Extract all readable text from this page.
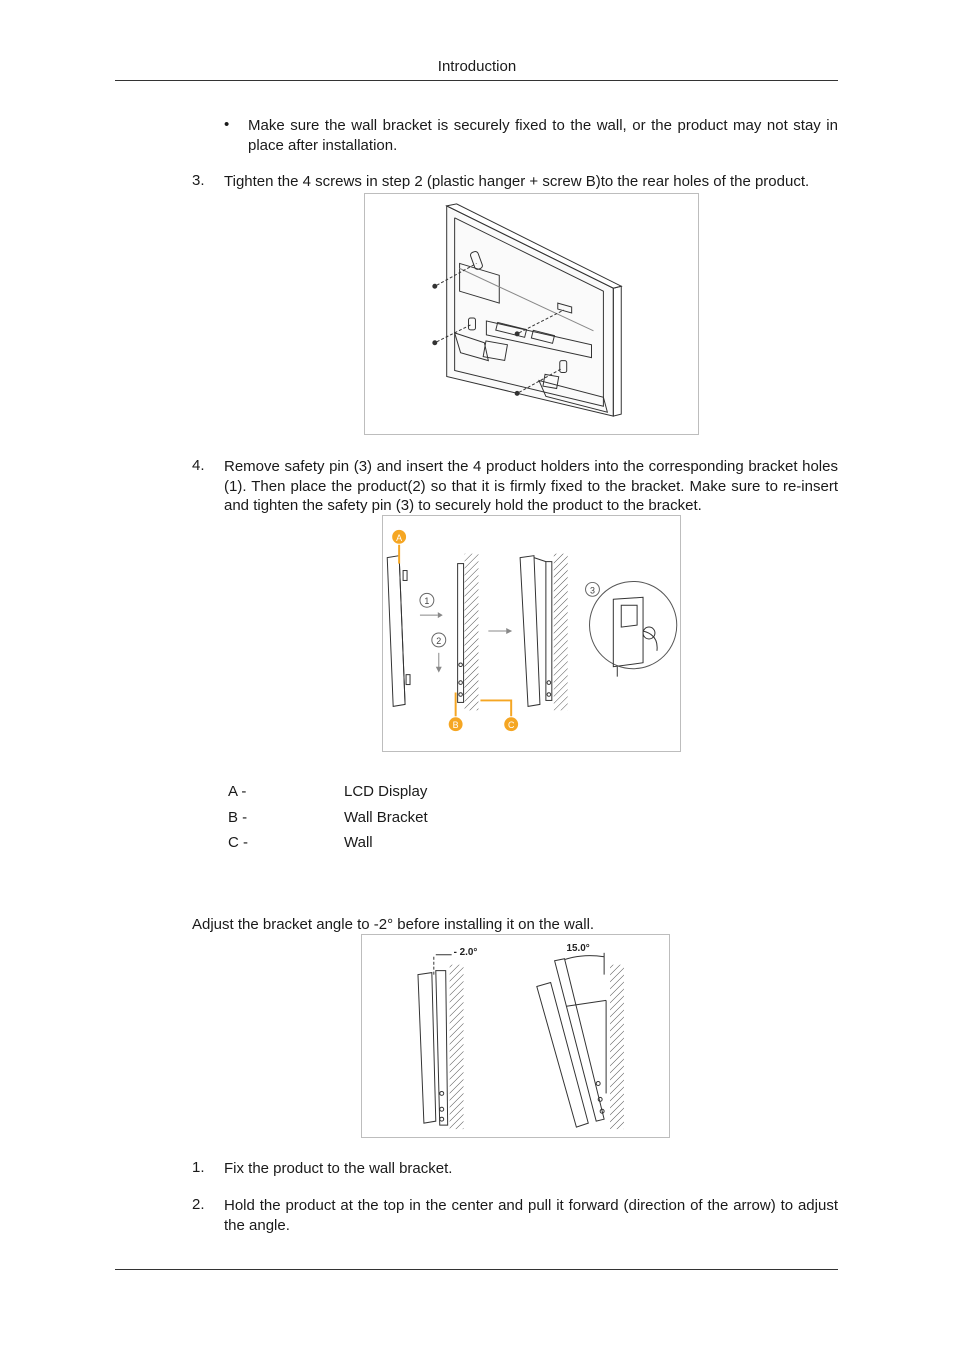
Introduction
• Make sure the wall bracket is securely fixed to the wall, or the product may not stay in place after installation.
3. Tighten the 4 screws in step 2 (plastic hanger + screw B)to the rear holes of the product.
4. Remove safety pin (3) and insert the 4 product holders into the corresponding bracket holes (1). Then place the product(2) so that it is firmly fixed to the bracket. Make sure to re-insert and tighten the safety pin (3) to securely hold the product to the bracket.
A
1
2
B	C
3
A -	LCD Display
B -	Wall Bracket
C -	Wall
Adjust the bracket angle to -2° before installing it on the wall.
- 2.0°	15.0°
1. Fix the product to the wall bracket.
2. Hold the product at the top in the center and pull it forward (direction of the arrow) to adjust the angle.
